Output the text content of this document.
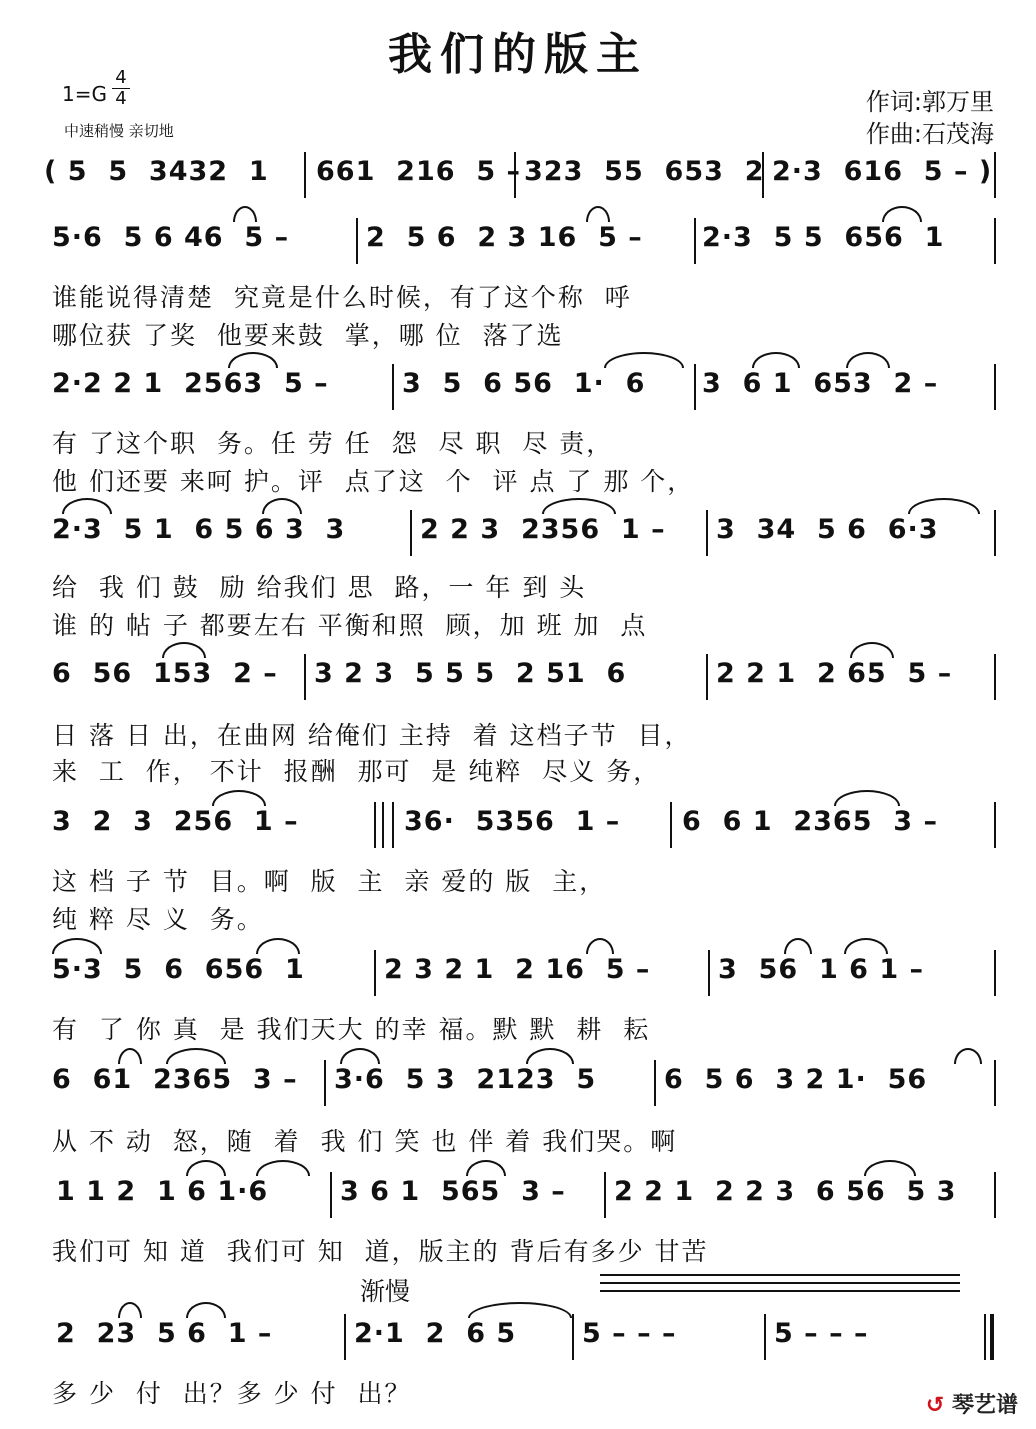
我们的版主
1=G
4
4
中速稍慢 亲切地
作词:郭万里
作曲:石茂海
( 5  5  3432  1 661  216  5 – 323  55  653  2 2·3  616  5 – )
5·6  5 6 46  5 –	2  5 6  2 3 16  5 – 2·3  5 5  656  1
谁能说得清楚  究竟是什么时候，有了这个称  呼
哪位获 了奖  他要来鼓  掌，哪 位  落了选
2·2 2 1  2563  5 –	3  5  6 56  1·  6 3  6 1  653  2 –
有 了这个职  务。任 劳 任  怨  尽 职  尽 责，
他 们还要 来呵 护。评  点了这  个  评 点 了 那 个，
2·3  5 1  6 5 6 3  3	2 2 3  2356  1 – 3  34  5 6  6·3
给  我 们 鼓  励 给我们 思  路，一 年 到 头
谁 的 帖 子 都要左右 平衡和照  顾，加 班 加  点
6  56  153  2 – 3 2 3  5 5 5  2 51  6	2 2 1  2 65  5 –
日 落 日 出，在曲网 给俺们 主持  着 这档子节  目，
来  工  作， 不计  报酬  那可  是 纯粹  尽义 务，
3  2  3  256  1 –	36·  5356  1 – 6  6 1  2365  3 –
这 档 子 节  目。啊  版  主  亲 爱的 版  主，
纯 粹 尽 义  务。
5·3  5  6  656  1	2 3 2 1  2 16  5 –	3  56  1 6 1 –
有  了 你 真  是 我们天大 的幸 福。默 默  耕  耘
6  61  2365  3 – 3·6  5 3  2123  5	6  5 6  3 2 1·  56
从 不 动  怒，随  着  我 们 笑 也 伴 着 我们哭。啊
1 1 2  1 6 1·6	3 6 1  565  3 – 2 2 1  2 2 3  6 56  5 3
我们可 知 道  我们可 知  道，版主的 背后有多少 甘苦
渐慢
2  23  5 6  1 –	2·1  2  6 5 5 – – –	5 – – –
多 少  付  出？多 少 付  出？	↺ 琴艺谱
